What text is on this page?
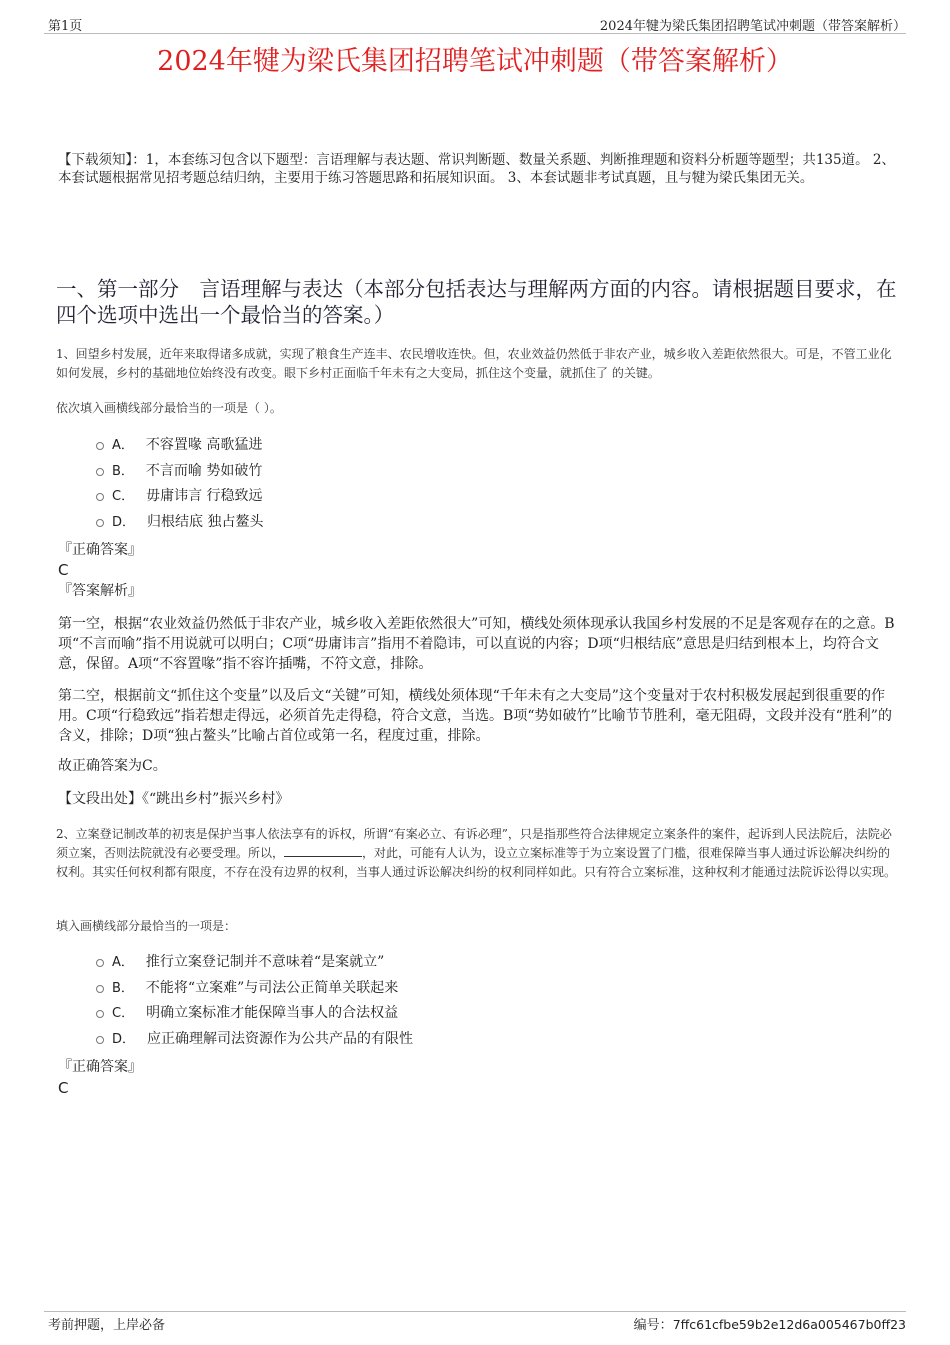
第1页	2024年犍为梁氏集团招聘笔试冲刺题（带答案解析）
2024年犍为梁氏集团招聘笔试冲刺题（带答案解析）
【下载须知】：1，本套练习包含以下题型：言语理解与表达题、常识判断题、数量关系题、判断推理题和资料分析题等题型；共135道。 2、本套试题根据常见招考题总结归纳，主要用于练习答题思路和拓展知识面。 3、本套试题非考试真题，且与犍为梁氏集团无关。
一、第一部分　言语理解与表达（本部分包括表达与理解两方面的内容。请根据题目要求，在四个选项中选出一个最恰当的答案。）
1、回望乡村发展，近年来取得诸多成就，实现了粮食生产连丰、农民增收连快。但，农业效益仍然低于非农产业，城乡收入差距依然很大。可是，不管工业化如何发展，乡村的基础地位始终没有改变。眼下乡村正面临千年未有之大变局，抓住这个变量，就抓住了 的关键。
依次填入画横线部分最恰当的一项是（ ）。
A． 不容置喙 高歌猛进
B． 不言而喻 势如破竹
C． 毋庸讳言 行稳致远
D． 归根结底 独占鳌头
『正确答案』
C
『答案解析』
第一空，根据“农业效益仍然低于非农产业，城乡收入差距依然很大”可知，横线处须体现承认我国乡村发展的不足是客观存在的之意。B项“不言而喻”指不用说就可以明白；C项“毋庸讳言”指用不着隐讳，可以直说的内容；D项“归根结底”意思是归结到根本上，均符合文意，保留。A项“不容置喙”指不容许插嘴，不符文意，排除。
第二空，根据前文“抓住这个变量”以及后文“关键”可知，横线处须体现“千年未有之大变局”这个变量对于农村积极发展起到很重要的作用。C项“行稳致远”指若想走得远，必须首先走得稳，符合文意，当选。B项“势如破竹”比喻节节胜利，毫无阻碍，文段并没有“胜利”的含义，排除；D项“独占鳌头”比喻占首位或第一名，程度过重，排除。
故正确答案为C。
【文段出处】《“跳出乡村”振兴乡村》
2、立案登记制改革的初衷是保护当事人依法享有的诉权，所谓“有案必立、有诉必理”，只是指那些符合法律规定立案条件的案件，起诉到人民法院后，法院必须立案，否则法院就没有必要受理。所以，	，对此，可能有人认为，设立立案标准等于为立案设置了门槛，很难保障当事人通过诉讼解决纠纷的权利。其实任何权利都有限度，不存在没有边界的权利，当事人通过诉讼解决纠纷的权利同样如此。只有符合立案标准，这种权利才能通过法院诉讼得以实现。
填入画横线部分最恰当的一项是：
A． 推行立案登记制并不意味着“是案就立”
B． 不能将“立案难”与司法公正简单关联起来
C． 明确立案标准才能保障当事人的合法权益
D． 应正确理解司法资源作为公共产品的有限性
『正确答案』
C
考前押题，上岸必备	编号：7ffc61cfbe59b2e12d6a005467b0ff23
